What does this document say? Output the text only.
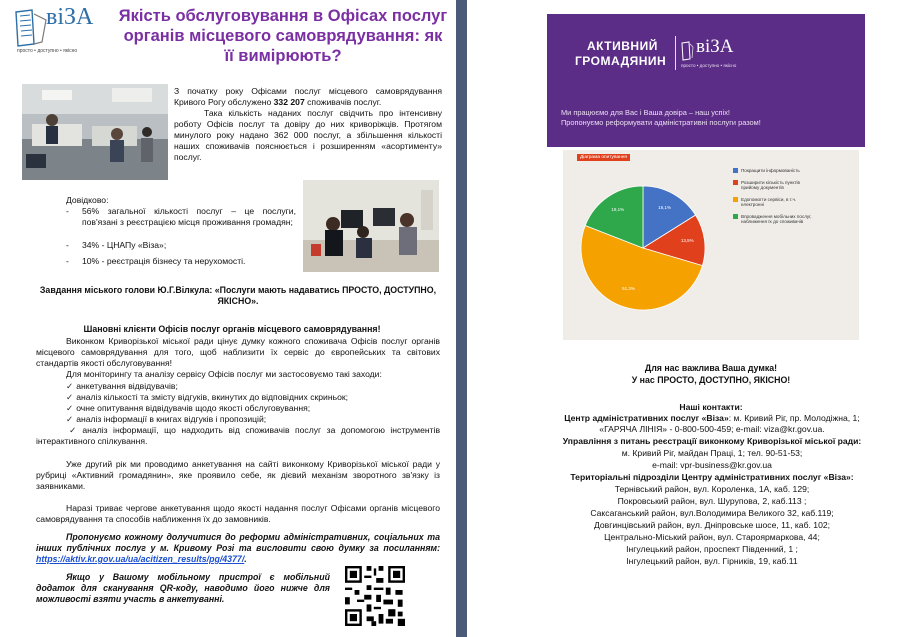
віЗА
просто • доступно • якісно
Якість обслуговування в Офісах послуг органів місцевого самоврядування: як її вимірюють?
З початку року Офісами послуг місцевого самоврядування Кривого Рогу обслужено 332 207 споживачів послуг.
Така кількість наданих послуг свідчить про інтенсивну роботу Офісів послуг та довіру до них криворіжців. Протягом минулого року надано 362 000 послуг, а збільшення кількості наших споживачів пояснюється і розширенням «асортименту» послуг.
Довідково:
- 56% загальної кількості послуг – це послуги, пов'язані з реєстрацією місця проживання громадян;
- 34% - ЦНАПу «Віза»;
- 10% - реєстрація бізнесу та нерухомості.
Завдання міського голови Ю.Г.Вілкула: «Послуги мають надаватись ПРОСТО, ДОСТУПНО, ЯКІСНО».
Шановні клієнти Офісів послуг органів місцевого самоврядування!
Виконком Криворізької міської ради цінує думку кожного споживача Офісів послуг органів місцевого самоврядування для того, щоб наблизити їх сервіс до європейських та світових стандартів якості обслуговування!
Для моніторингу та аналізу сервісу Офісів послуг ми застосовуємо такі заходи:
✓ анкетування відвідувачів;
✓ аналіз кількості та змісту відгуків, вкинутих до відповідних скриньок;
✓ очне опитування відвідувачів щодо якості обслуговування;
✓ аналіз інформації в книгах відгуків і пропозицій;
✓ аналіз інформації, що надходить від споживачів послуг за допомогою інструментів інтерактивного спілкування.
Уже другий рік ми проводимо анкетування на сайті виконкому Криворізької міської ради у рубриці «Активний громадянин», яке проявило себе, як дієвий механізм зворотного зв'язку із заявниками.
Наразі триває чергове анкетування щодо якості надання послуг Офісами органів місцевого самоврядування та способів наближення їх до замовників.
Пропонуємо кожному долучитися до реформи адміністративних, соціальних та інших публічних послуг у м. Кривому Розі та висловити свою думку за посиланням: https://aktiv.kr.gov.ua/ua/acitizen_results/pg/4377/.
Якщо у Вашому мобільному пристрої є мобільний додаток для сканування QR-коду, наводимо його нижче для можливості взяти участь в анкетуванні.
АКТИВНИЙ
ГРОМАДЯНИН
віЗА
просто • доступно • якісно
Ми працюємо для Вас і Ваша довіра – наш успіх!
Пропонуємо реформувати адміністративні послуги разом!
Діаграма опитування
16,1%
13,5%
51,3%
19,1%
Покращити інформованість
Розширити кількість пунктів прийому документів
Едопомогти сервіси, в т.ч. електронні
Впровадження мобільних послуг, наближення їх до споживачів
Для нас важлива Ваша думка!
У нас ПРОСТО, ДОСТУПНО, ЯКІСНО!
Наші контакти:
Центр адміністративних послуг «Віза»: м. Кривий Ріг, пр. Молодіжна, 1;
«ГАРЯЧА ЛІНІЯ» - 0-800-500-459; e-mail: viza@kr.gov.ua.
Управління з питань реєстрації виконкому Криворізької міської ради:
м. Кривий Ріг, майдан Праці, 1; тел. 90-51-53;
e-mail: vpr-business@kr.gov.ua
Територіальні підрозділи Центру адміністративних послуг «Віза»:
Тернівський район, вул. Короленка, 1А, каб. 129;
Покровський район, вул. Шурупова, 2, каб.113 ;
Саксаганський район, вул.Володимира Великого 32, каб.119;
Довгинцівський район, вул. Дніпровське шосе, 11, каб. 102;
Центрально-Міський район, вул. Староярмаркова, 44;
Інгулецький район, проспект Південний, 1 ;
Інгулецький район, вул. Гірників, 19, каб.11
